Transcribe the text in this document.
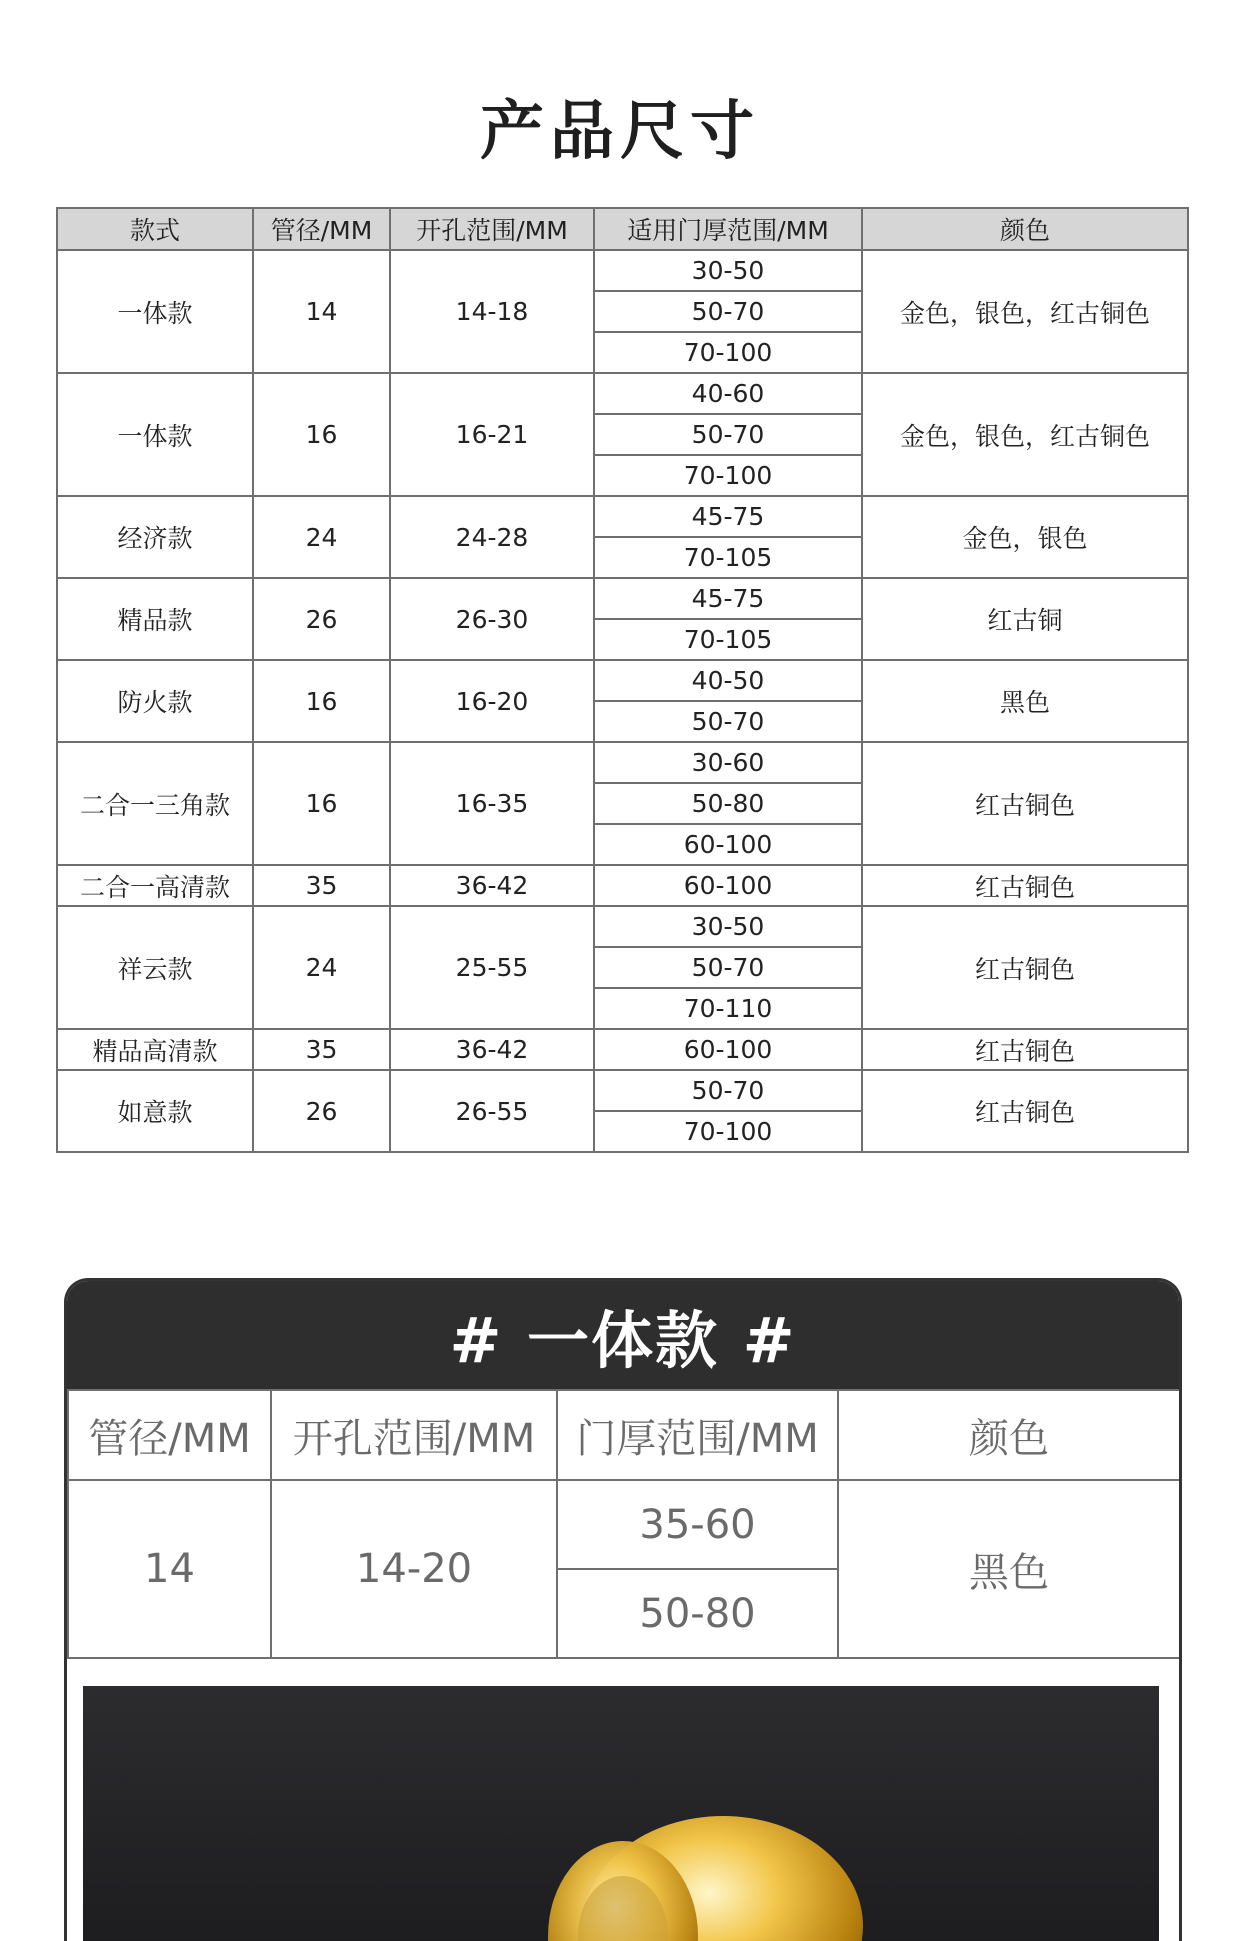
产品尺寸
款式	管径/MM	开孔范围/MM	适用门厚范围/MM	颜色
一体款	14	14-18	30-50	金色，银色，红古铜色
			50-70	
			70-100	
一体款	16	16-21	40-60	金色，银色，红古铜色
			50-70	
			70-100	
经济款	24	24-28	45-75	金色，银色
			70-105	
精品款	26	26-30	45-75	红古铜
			70-105	
防火款	16	16-20	40-50	黑色
			50-70	
二合一三角款	16	16-35	30-60	红古铜色
			50-80	
			60-100	
二合一高清款	35	36-42	60-100	红古铜色
祥云款	24	25-55	30-50	红古铜色
			50-70	
			70-110	
精品高清款	35	36-42	60-100	红古铜色
如意款	26	26-55	50-70	红古铜色
			70-100	
# 一体款 #
管径/MM	开孔范围/MM	门厚范围/MM	颜色
14	14-20	35-60	黑色
		50-80	
